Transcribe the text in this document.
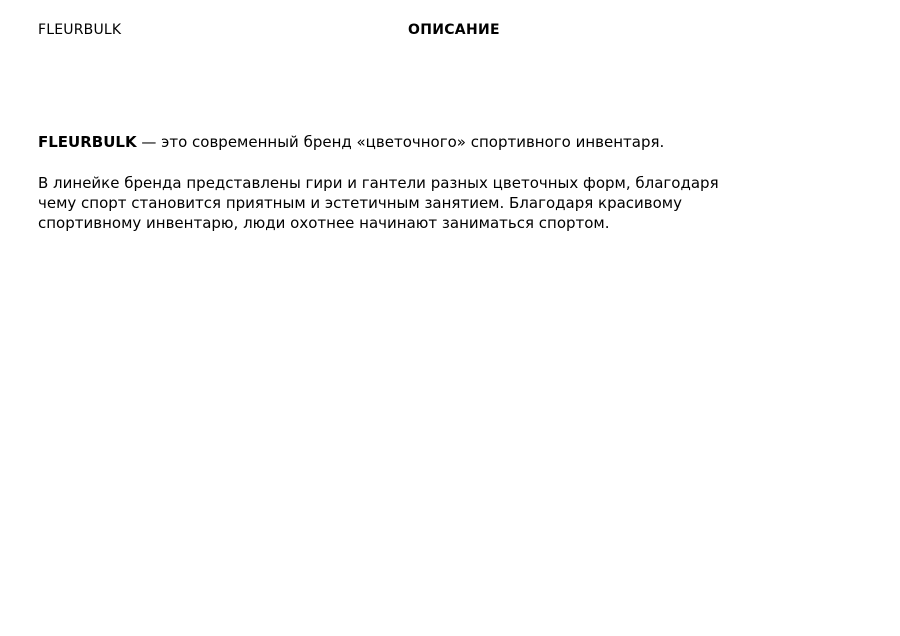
FLEURBULK	ОПИСАНИЕ

FLEURBULK — это современный бренд «цветочного» спортивного инвентаря.

В линейке бренда представлены гири и гантели разных цветочных форм, благодаря чему спорт становится приятным и эстетичным занятием. Благодаря красивому спортивному инвентарю, люди охотнее начинают заниматься спортом.
